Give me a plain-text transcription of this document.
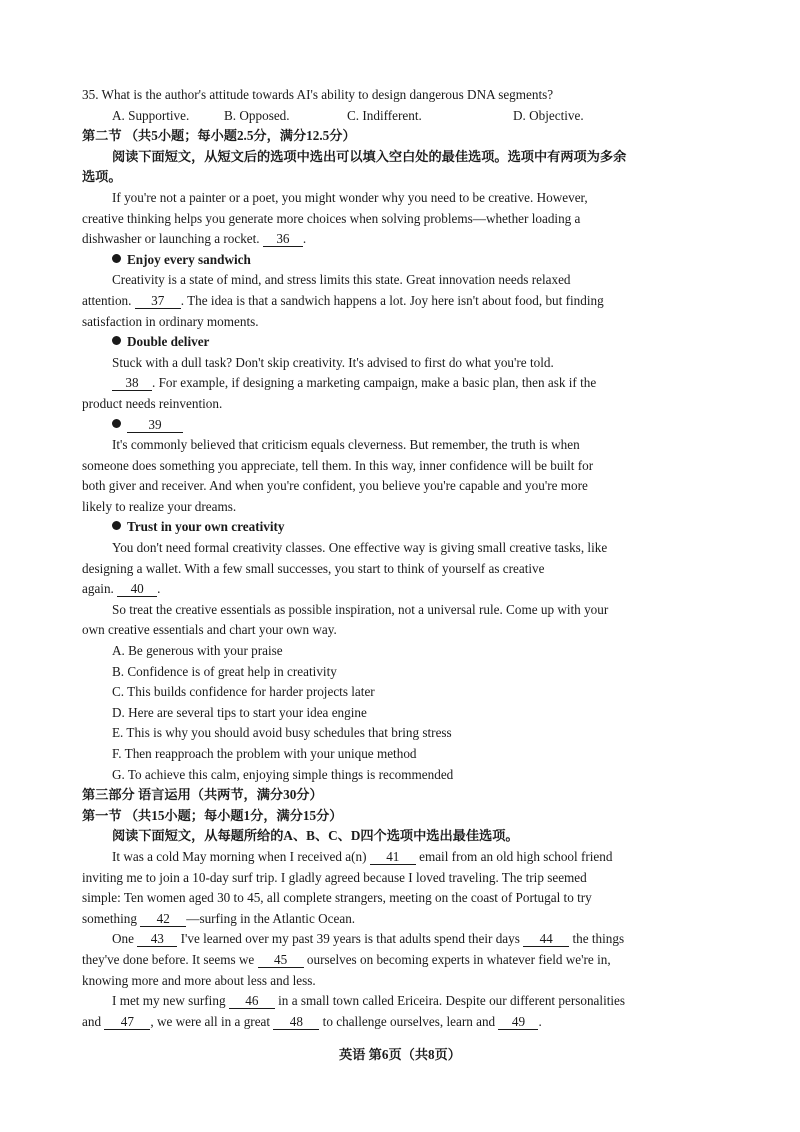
35. What is the author's attitude towards AI's ability to design dangerous DNA segments?
A. Supportive.	B. Opposed.	C. Indifferent.	D. Objective.
第二节 （共5小题；每小题2.5分，满分12.5分）
阅读下面短文，从短文后的选项中选出可以填入空白处的最佳选项。选项中有两项为多余
选项。
If you're not a painter or a poet, you might wonder why you need to be creative. However,
creative thinking helps you generate more choices when solving problems—whether loading a
dishwasher or launching a rocket. 36 .
Enjoy every sandwich
Creativity is a state of mind, and stress limits this state. Great innovation needs relaxed
attention. 37 . The idea is that a sandwich happens a lot. Joy here isn't about food, but finding
satisfaction in ordinary moments.
Double deliver
Stuck with a dull task? Don't skip creativity. It's advised to first do what you're told.
38 . For example, if designing a marketing campaign, make a basic plan, then ask if the
product needs reinvention.
39
It's commonly believed that criticism equals cleverness. But remember, the truth is when
someone does something you appreciate, tell them. In this way, inner confidence will be built for
both giver and receiver. And when you're confident, you believe you're capable and you're more
likely to realize your dreams.
Trust in your own creativity
You don't need formal creativity classes. One effective way is giving small creative tasks, like
designing a wallet. With a few small successes, you start to think of yourself as creative
again. 40 .
So treat the creative essentials as possible inspiration, not a universal rule. Come up with your
own creative essentials and chart your own way.
A. Be generous with your praise
B. Confidence is of great help in creativity
C. This builds confidence for harder projects later
D. Here are several tips to start your idea engine
E. This is why you should avoid busy schedules that bring stress
F. Then reapproach the problem with your unique method
G. To achieve this calm, enjoying simple things is recommended
第三部分 语言运用（共两节，满分30分）
第一节 （共15小题；每小题1分，满分15分）
阅读下面短文，从每题所给的A、B、C、D四个选项中选出最佳选项。
It was a cold May morning when I received a(n) 41 email from an old high school friend
inviting me to join a 10-day surf trip. I gladly agreed because I loved traveling. The trip seemed
simple: Ten women aged 30 to 45, all complete strangers, meeting on the coast of Portugal to try
something 42 —surfing in the Atlantic Ocean.
One 43 I've learned over my past 39 years is that adults spend their days 44 the things
they've done before. It seems we 45 ourselves on becoming experts in whatever field we're in,
knowing more and more about less and less.
I met my new surfing 46 in a small town called Ericeira. Despite our different personalities
and 47 , we were all in a great 48 to challenge ourselves, learn and 49 .
英语 第6页（共8页）
